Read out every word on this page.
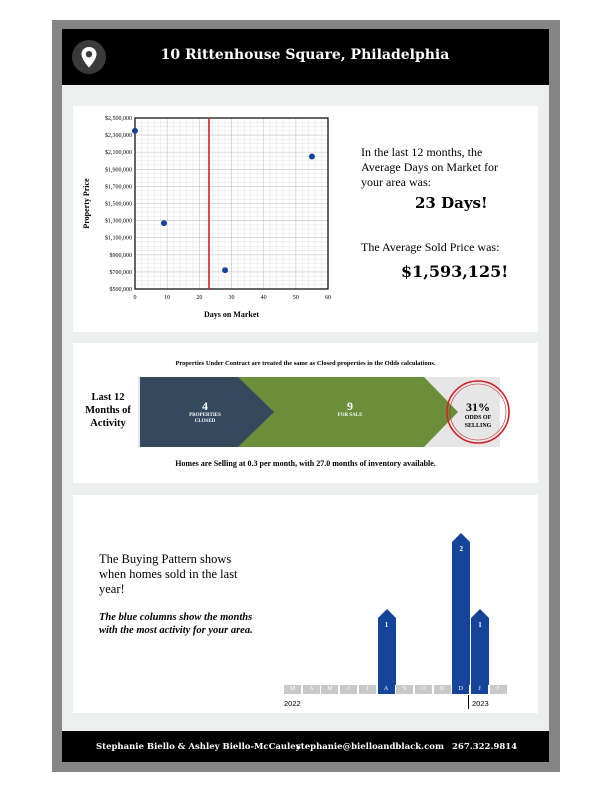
10 Rittenhouse Square, Philadelphia
0	10	20	30	40	50	60
$500,000
$700,000
$900,000
$1,100,000
$1,300,000
$1,500,000
$1,700,000
$1,900,000
$2,100,000
$2,300,000
$2,500,000
Days on Market
Property Price
In the last 12 months, the Average Days on Market for your area was:
23 Days!
The Average Sold Price was:
$1,593,125!
Properties Under Contract are treated the same as Closed properties in the Odds calculations.
Last 12 Months of Activity
4
PROPERTIES CLOSED
9
FOR SALE
31%
ODDS OF SELLING
Homes are Selling at 0.3 per month, with 27.0 months of inventory available.
The Buying Pattern shows when homes sold in the last year!
The blue columns show the months with the most activity for your area.
M	A	M	J	J	A
1
S	O	N	D
2
J
1
F
2022	2023
Stephanie Biello & Ashley Biello-McCauley
stephanie@bielloandblack.com 267.322.9814
